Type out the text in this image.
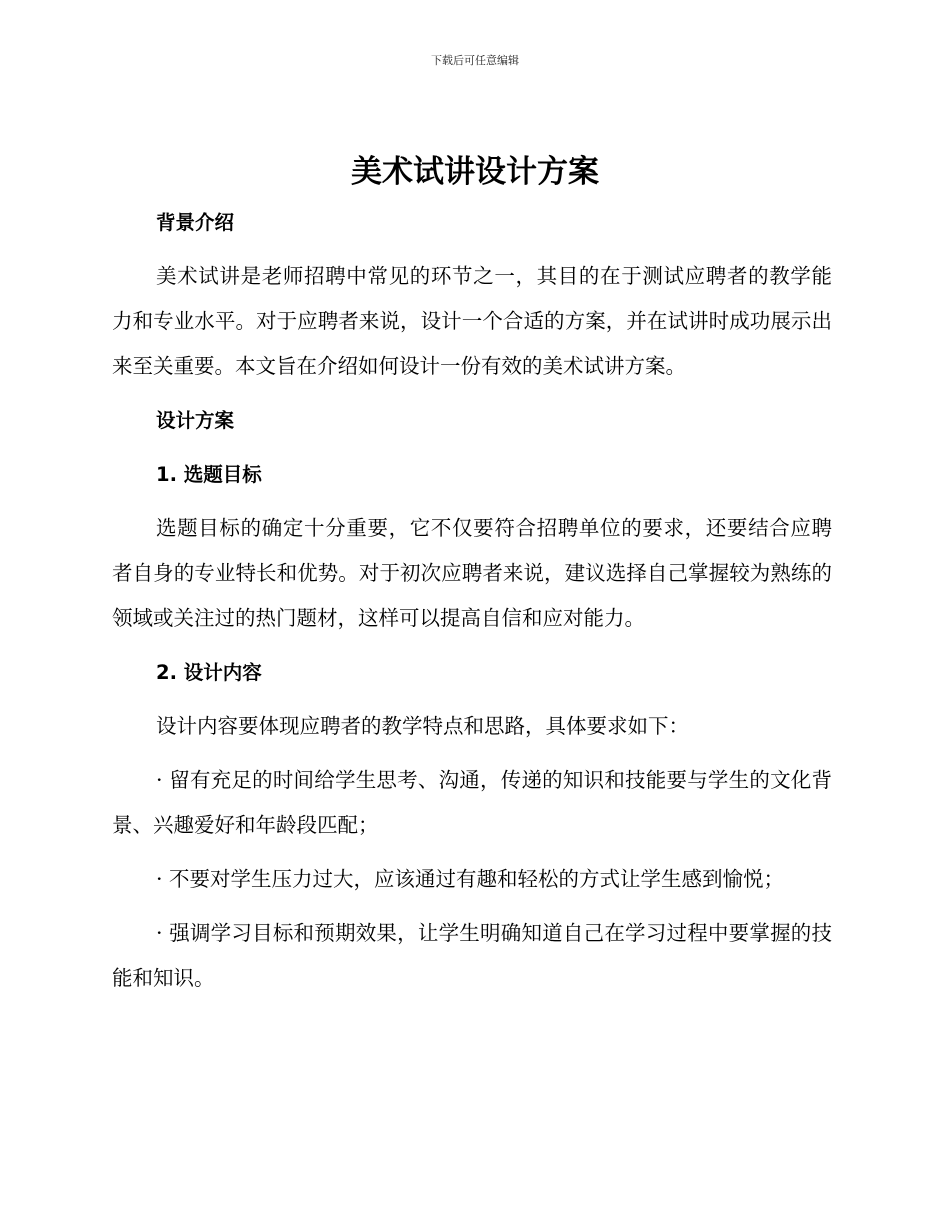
下载后可任意编辑
美术试讲设计方案

背景介绍

美术试讲是老师招聘中常见的环节之一，其目的在于测试应聘者的教学能力和专业水平。对于应聘者来说，设计一个合适的方案，并在试讲时成功展示出来至关重要。本文旨在介绍如何设计一份有效的美术试讲方案。

设计方案

1. 选题目标

选题目标的确定十分重要，它不仅要符合招聘单位的要求，还要结合应聘者自身的专业特长和优势。对于初次应聘者来说，建议选择自己掌握较为熟练的领域或关注过的热门题材，这样可以提高自信和应对能力。

2. 设计内容

设计内容要体现应聘者的教学特点和思路，具体要求如下：

· 留有充足的时间给学生思考、沟通，传递的知识和技能要与学生的文化背景、兴趣爱好和年龄段匹配；

· 不要对学生压力过大，应该通过有趣和轻松的方式让学生感到愉悦；

· 强调学习目标和预期效果，让学生明确知道自己在学习过程中要掌握的技能和知识。
